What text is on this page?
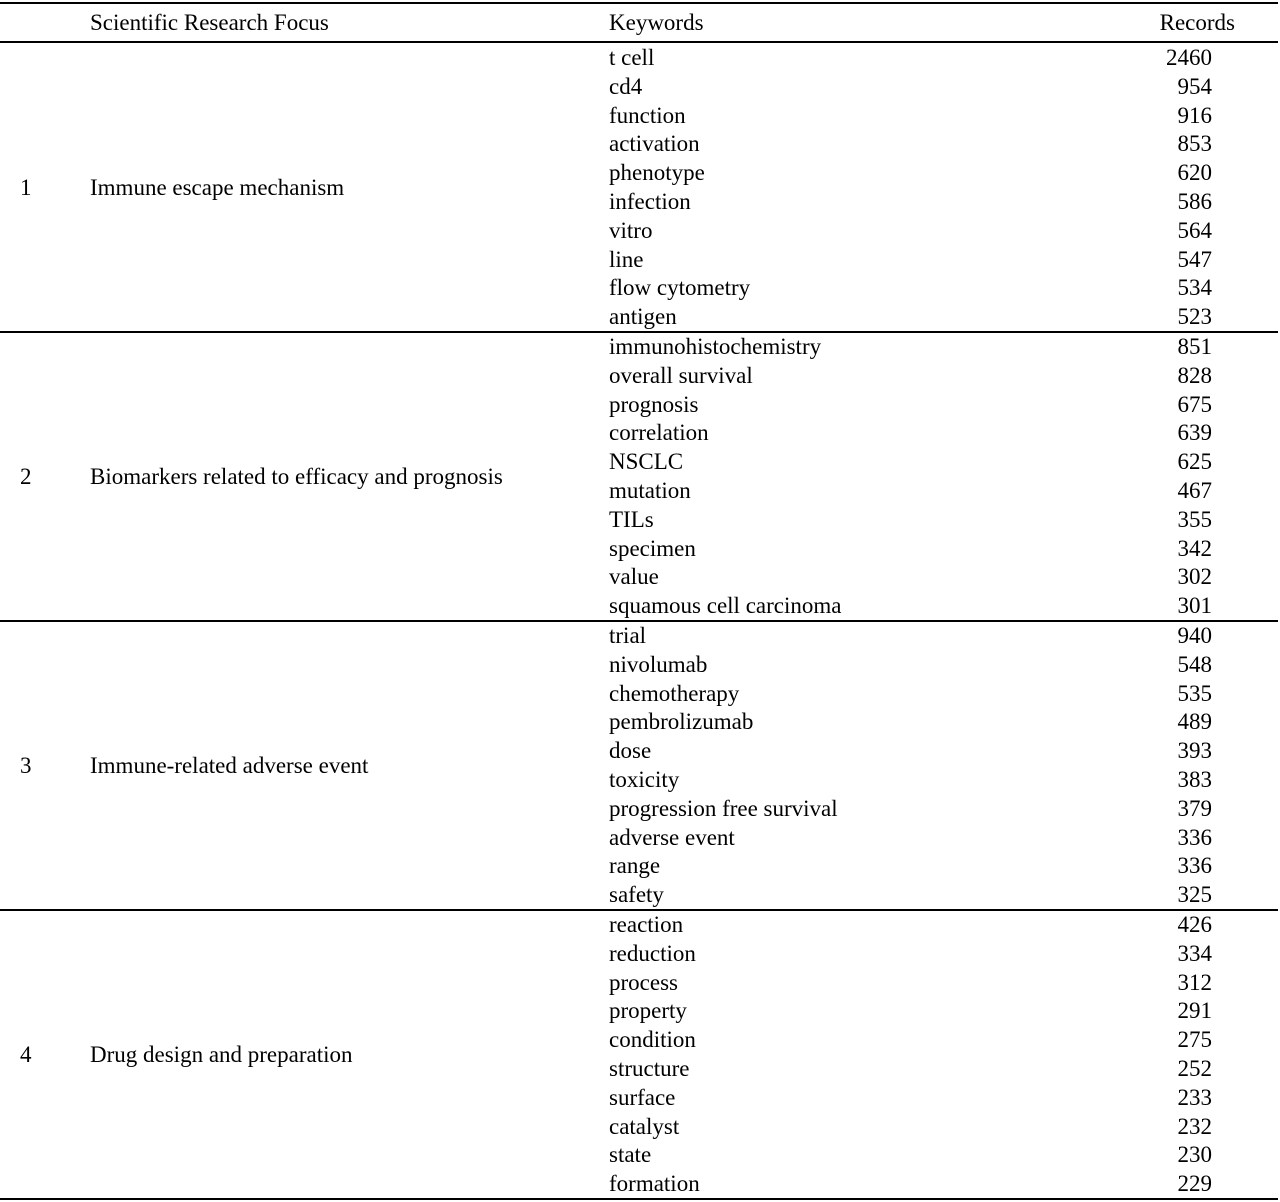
Scientific Research Focus	Keywords	Records
1	Immune escape mechanism
t cell	2460
cd4	954
function	916
activation	853
phenotype	620
infection	586
vitro	564
line	547
flow cytometry	534
antigen	523
2	Biomarkers related to efficacy and prognosis
immunohistochemistry	851
overall survival	828
prognosis	675
correlation	639
NSCLC	625
mutation	467
TILs	355
specimen	342
value	302
squamous cell carcinoma	301
3	Immune-related adverse event
trial	940
nivolumab	548
chemotherapy	535
pembrolizumab	489
dose	393
toxicity	383
progression free survival	379
adverse event	336
range	336
safety	325
4	Drug design and preparation
reaction	426
reduction	334
process	312
property	291
condition	275
structure	252
surface	233
catalyst	232
state	230
formation	229
